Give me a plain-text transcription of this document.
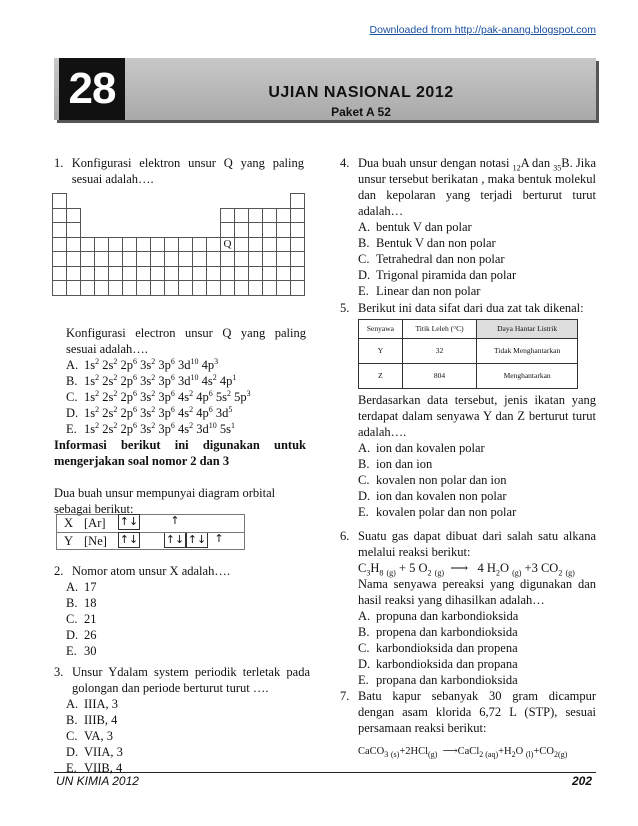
Downloaded from http://pak-anang.blogspot.com
28	UJIAN NASIONAL 2012
Paket A 52
1. Konfigurasi elektron unsur Q yang paling sesuai adalah….
Q
Konfigurasi electron unsur Q yang paling sesuai adalah….
A. $1s^2$ $2s^2$ $2p^6$ $3s^2$ $3p^6$ $3d^{10}$ $4p^3$
B. $1s^2$ $2s^2$ $2p^6$ $3s^2$ $3p^6$ $3d^{10}$ $4s^2$ $4p^1$
C. $1s^2$ $2s^2$ $2p^6$ $3s^2$ $3p^6$ $4s^2$ $4p^6$ $5s^2$ $5p^3$
D. $1s^2$ $2s^2$ $2p^6$ $3s^2$ $3p^6$ $4s^2$ $4p^6$ $3d^5$
E. $1s^2$ $2s^2$ $2p^6$ $3s^2$ $3p^6$ $4s^2$ $3d^{10}$ $5s^1$
Informasi berikut ini digunakan untuk mengerjakan soal nomor 2 dan 3
Dua buah unsur mempunyai diagram orbital sebagai berikut:
X [Ar] ↑↓	↑
Y [Ne] ↑↓	↑↓ ↑↓ ↑
2. Nomor atom unsur X adalah….
A. 17
B. 18
C. 21
D. 26
E. 30
3. Unsur Ydalam system periodik terletak pada golongan dan periode berturut turut ….
A. IIIA, 3
B. IIIB, 4
C. VA, 3
D. VIIA, 3
E. VIIB, 4
4. Dua buah unsur dengan notasi $_{12}$A dan $_{35}$B. Jika unsur tersebut berikatan , maka bentuk molekul dan kepolaran yang terjadi berturut turut adalah…
A. bentuk V dan polar
B. Bentuk V dan non polar
C. Tetrahedral dan non polar
D. Trigonal piramida dan polar
E. Linear dan non polar
5. Berikut ini data sifat dari dua zat tak dikenal:
Senyawa	Titik Leleh (°C)	Daya Hantar Listrik
Y	32	Tidak Menghantarkan
Z	804	Menghantarkan
Berdasarkan data tersebut, jenis ikatan yang terdapat dalam senyawa Y dan Z berturut turut adalah….
A. ion dan kovalen polar
B. ion dan ion
C. kovalen non polar dan ion
D. ion dan kovalen non polar
E. kovalen polar dan non polar
6. Suatu gas dapat dibuat dari salah satu alkana melalui reaksi berikut:
$C_3H_8$ $_{(g)}$ + 5 $O_2$ $_{(g)}$  ⟶   4 $H_2O$ $_{(g)}$ +3 $CO_2$ $_{(g)}$
Nama senyawa pereaksi yang digunakan dan hasil reaksi yang dihasilkan adalah…
A. propuna dan karbondioksida
B. propena dan karbondioksida
C. karbondioksida dan propena
D. karbondioksida dan propana
E. propana dan karbondioksida
7. Batu kapur sebanyak 30 gram dicampur dengan asam klorida 6,72 L (STP), sesuai persamaan reaksi berikut:
CaCO$_3$ $_{(s)}$+2HCl$_{(g)}$  $⟶CaCl_{2 (aq)}+H_2O$ $_{(l)}+CO_{2(g)}$
UN KIMIA 2012	202
